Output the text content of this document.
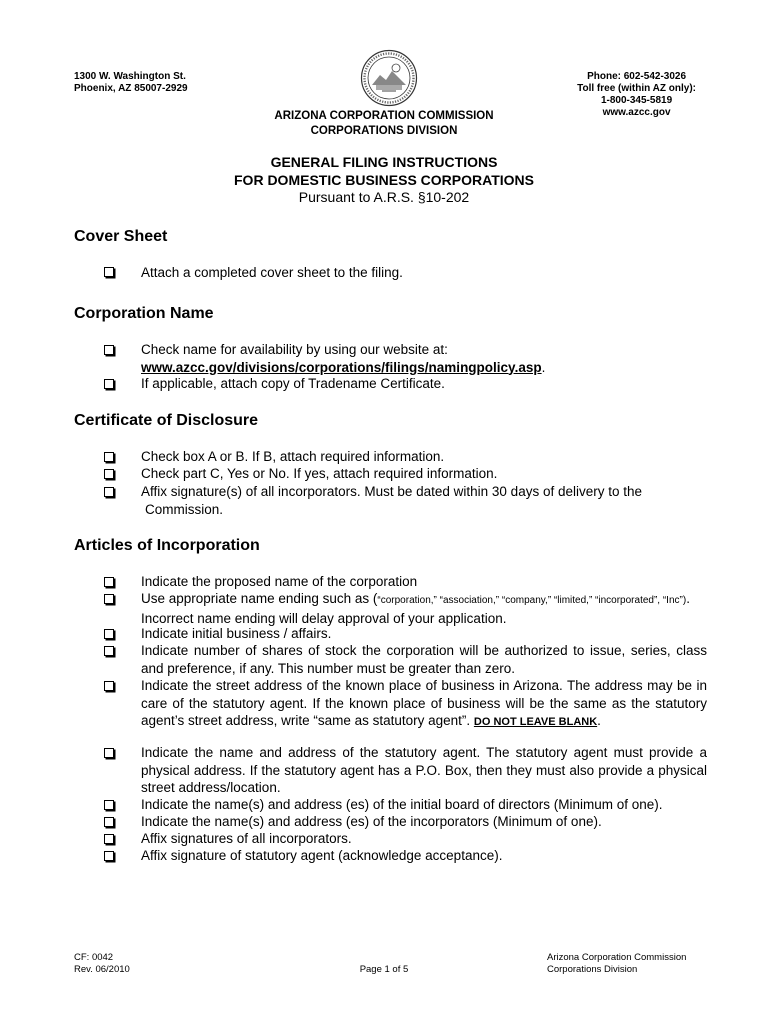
1300 W. Washington St.
Phoenix, AZ 85007-2929
Phone: 602-542-3026
Toll free (within AZ only):
1-800-345-5819
www.azcc.gov
ARIZONA CORPORATION COMMISSION
CORPORATIONS DIVISION
GENERAL FILING INSTRUCTIONS
FOR DOMESTIC BUSINESS CORPORATIONS
Pursuant to A.R.S. §10-202
Cover Sheet
Attach a completed cover sheet to the filing.
Corporation Name
Check name for availability by using our website at:
www.azcc.gov/divisions/corporations/filings/namingpolicy.asp.
If applicable, attach copy of Tradename Certificate.
Certificate of Disclosure
Check box A or B. If B, attach required information.
Check part C, Yes or No. If yes, attach required information.
Affix signature(s) of all incorporators. Must be dated within 30 days of delivery to the
Commission.
Articles of Incorporation
Indicate the proposed name of the corporation
Use appropriate name ending such as (“corporation,” “association,” “company,” “limited,” “incorporated”, “Inc”). Incorrect name ending will delay approval of your application.
Indicate initial business / affairs.
Indicate number of shares of stock the corporation will be authorized to issue, series, class and preference, if any. This number must be greater than zero.
Indicate the street address of the known place of business in Arizona. The address may be in care of the statutory agent. If the known place of business will be the same as the statutory agent’s street address, write “same as statutory agent”. DO NOT LEAVE BLANK.
Indicate the name and address of the statutory agent. The statutory agent must provide a physical address. If the statutory agent has a P.O. Box, then they must also provide a physical street address/location.
Indicate the name(s) and address (es) of the initial board of directors (Minimum of one).
Indicate the name(s) and address (es) of the incorporators (Minimum of one).
Affix signatures of all incorporators.
Affix signature of statutory agent (acknowledge acceptance).
CF: 0042
Rev. 06/2010	Page 1 of 5
Arizona Corporation Commission
Corporations Division
